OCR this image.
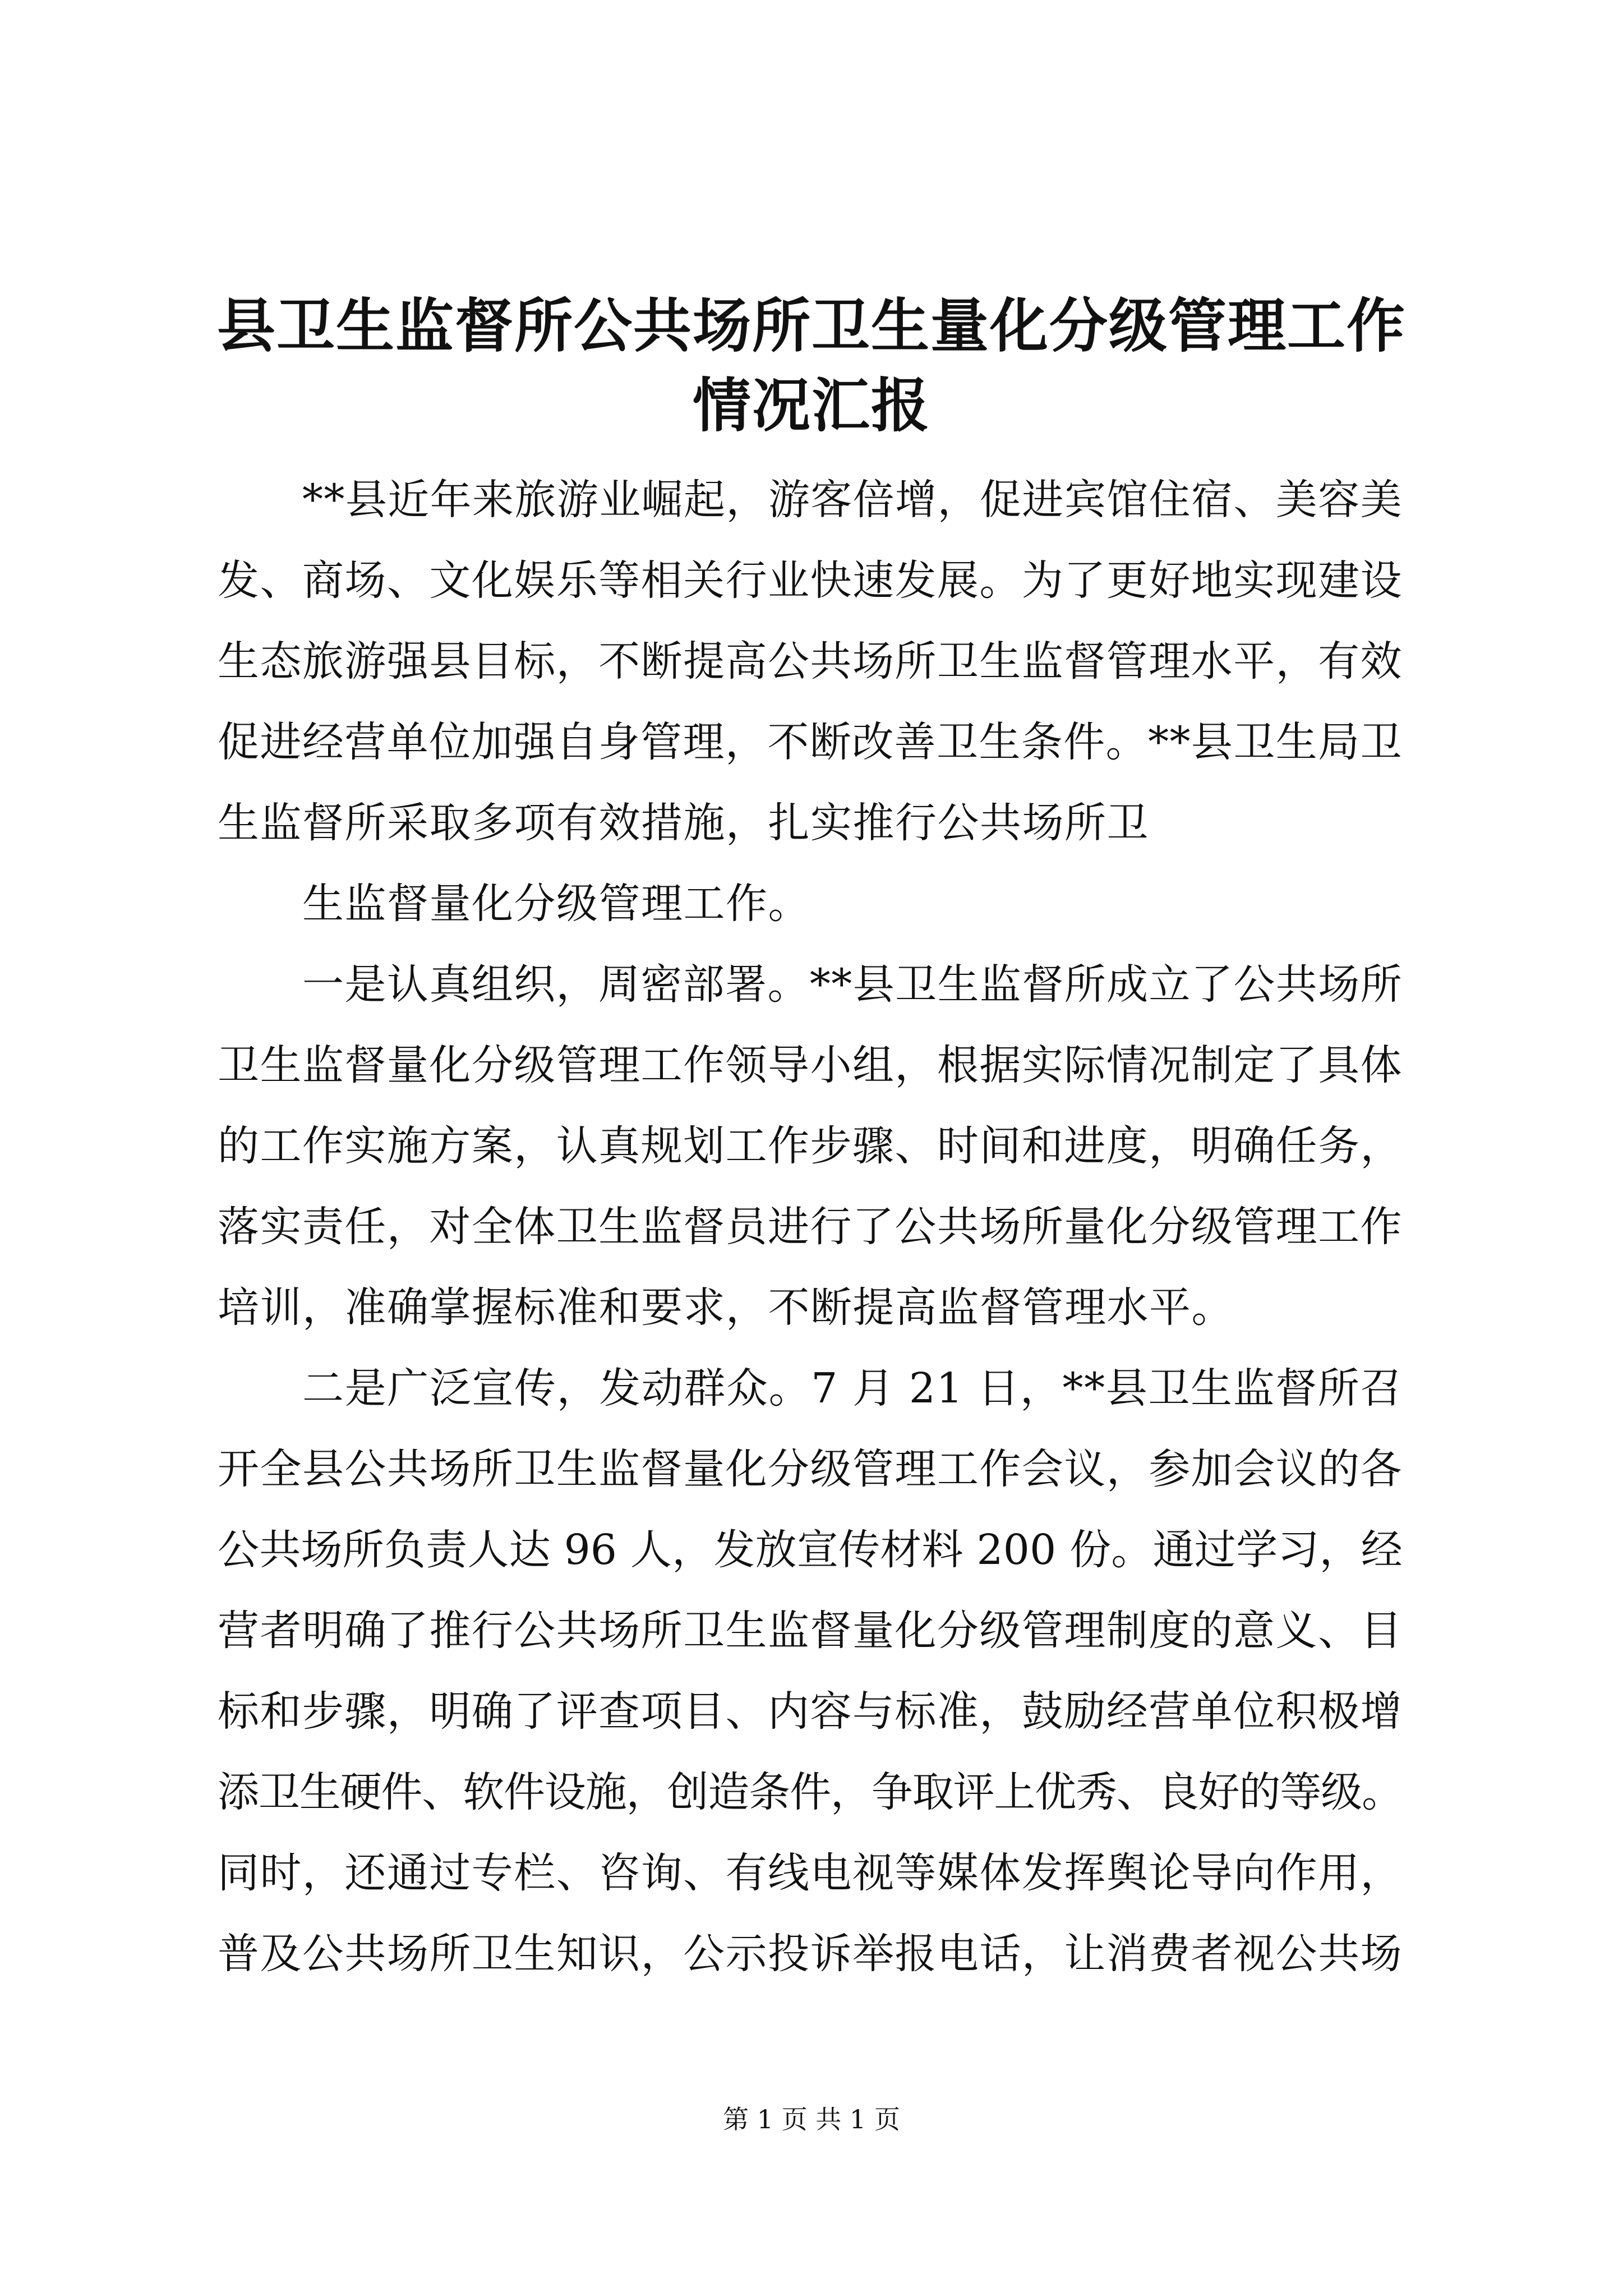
县卫生监督所公共场所卫生量化分级管理工作
情况汇报
**县近年来旅游业崛起，游客倍增，促进宾馆住宿、美容美
发、商场、文化娱乐等相关行业快速发展。为了更好地实现建设
生态旅游强县目标，不断提高公共场所卫生监督管理水平，有效
促进经营单位加强自身管理，不断改善卫生条件。**县卫生局卫
生监督所采取多项有效措施，扎实推行公共场所卫
生监督量化分级管理工作。
一是认真组织，周密部署。**县卫生监督所成立了公共场所
卫生监督量化分级管理工作领导小组，根据实际情况制定了具体
的工作实施方案，认真规划工作步骤、时间和进度，明确任务，
落实责任，对全体卫生监督员进行了公共场所量化分级管理工作
培训，准确掌握标准和要求，不断提高监督管理水平。
二是广泛宣传，发动群众。7 月 21 日，**县卫生监督所召
开全县公共场所卫生监督量化分级管理工作会议，参加会议的各
公共场所负责人达 96 人，发放宣传材料 200 份。通过学习，经
营者明确了推行公共场所卫生监督量化分级管理制度的意义、目
标和步骤，明确了评查项目、内容与标准，鼓励经营单位积极增
添卫生硬件、软件设施，创造条件，争取评上优秀、良好的等级。
同时，还通过专栏、咨询、有线电视等媒体发挥舆论导向作用，
普及公共场所卫生知识，公示投诉举报电话，让消费者视公共场
第 1 页 共 1 页
